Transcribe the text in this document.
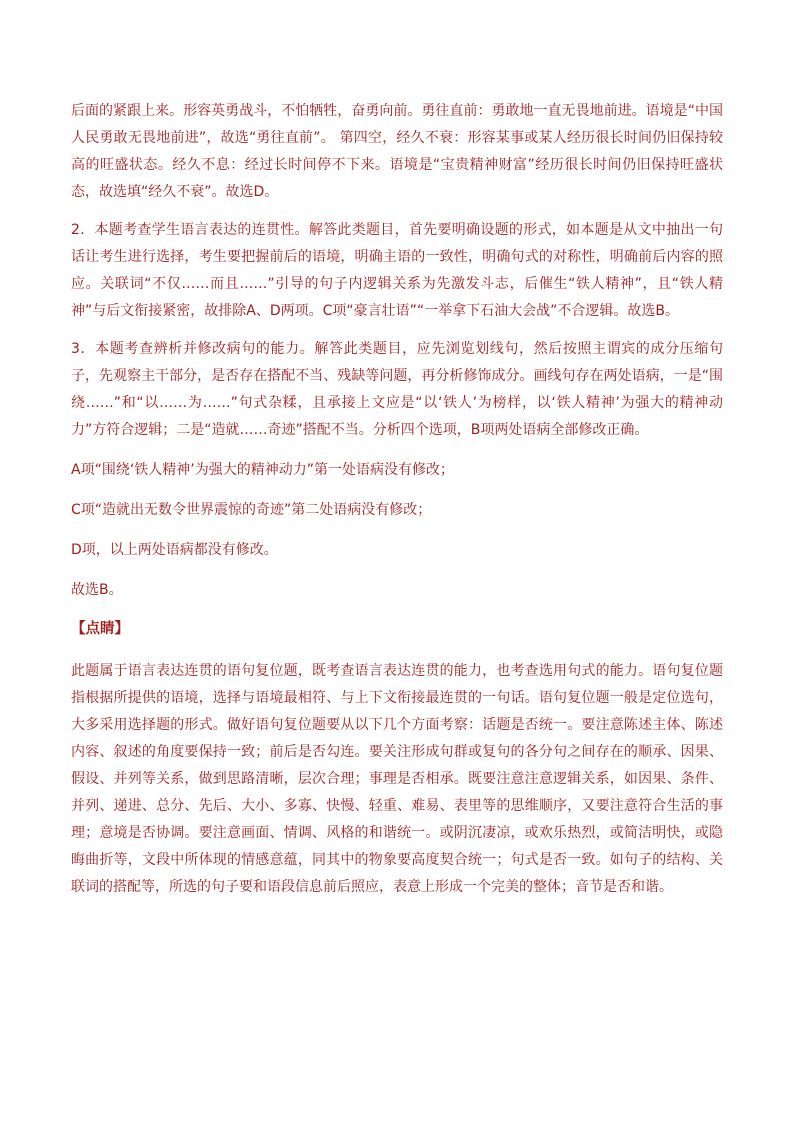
后面的紧跟上来。形容英勇战斗，不怕牺牲，奋勇向前。勇往直前：勇敢地一直无畏地前进。语境是“中国人民勇敢无畏地前进”，故选“勇往直前”。 第四空，经久不衰：形容某事或某人经历很长时间仍旧保持较高的旺盛状态。经久不息：经过长时间停不下来。语境是“宝贵精神财富”经历很长时间仍旧保持旺盛状态，故选填“经久不衰”。故选D。

2．本题考查学生语言表达的连贯性。解答此类题目，首先要明确设题的形式，如本题是从文中抽出一句话让考生进行选择，考生要把握前后的语境，明确主语的一致性，明确句式的对称性，明确前后内容的照应。关联词“不仅……而且……”引导的句子内逻辑关系为先激发斗志，后催生“铁人精神”，且“铁人精神”与后文衔接紧密，故排除A、D两项。C项“豪言壮语”“一举拿下石油大会战”不合逻辑。故选B。

3．本题考查辨析并修改病句的能力。解答此类题目，应先浏览划线句，然后按照主谓宾的成分压缩句子，先观察主干部分，是否存在搭配不当、残缺等问题，再分析修饰成分。画线句存在两处语病，一是“围绕……”和“以……为……”句式杂糅，且承接上文应是“以‘铁人’为榜样，以‘铁人精神’为强大的精神动力”方符合逻辑；二是“造就……奇迹”搭配不当。分析四个选项，B项两处语病全部修改正确。

A项“围绕‘铁人精神’为强大的精神动力”第一处语病没有修改；

C项“造就出无数令世界震惊的奇迹”第二处语病没有修改；

D项，以上两处语病都没有修改。

故选B。

【点睛】

此题属于语言表达连贯的语句复位题，既考查语言表达连贯的能力，也考查选用句式的能力。语句复位题指根据所提供的语境，选择与语境最相符、与上下文衔接最连贯的一句话。语句复位题一般是定位选句，大多采用选择题的形式。做好语句复位题要从以下几个方面考察：话题是否统一。要注意陈述主体、陈述内容、叙述的角度要保持一致；前后是否勾连。要关注形成句群或复句的各分句之间存在的顺承、因果、假设、并列等关系，做到思路清晰，层次合理；事理是否相承。既要注意注意逻辑关系，如因果、条件、并列、递进、总分、先后、大小、多寡、快慢、轻重、难易、表里等的思维顺序，又要注意符合生活的事理；意境是否协调。要注意画面、情调、风格的和谐统一。或阴沉凄凉，或欢乐热烈，或简洁明快，或隐晦曲折等，文段中所体现的情感意蕴，同其中的物象要高度契合统一；句式是否一致。如句子的结构、关联词的搭配等，所选的句子要和语段信息前后照应，表意上形成一个完美的整体；音节是否和谐。
